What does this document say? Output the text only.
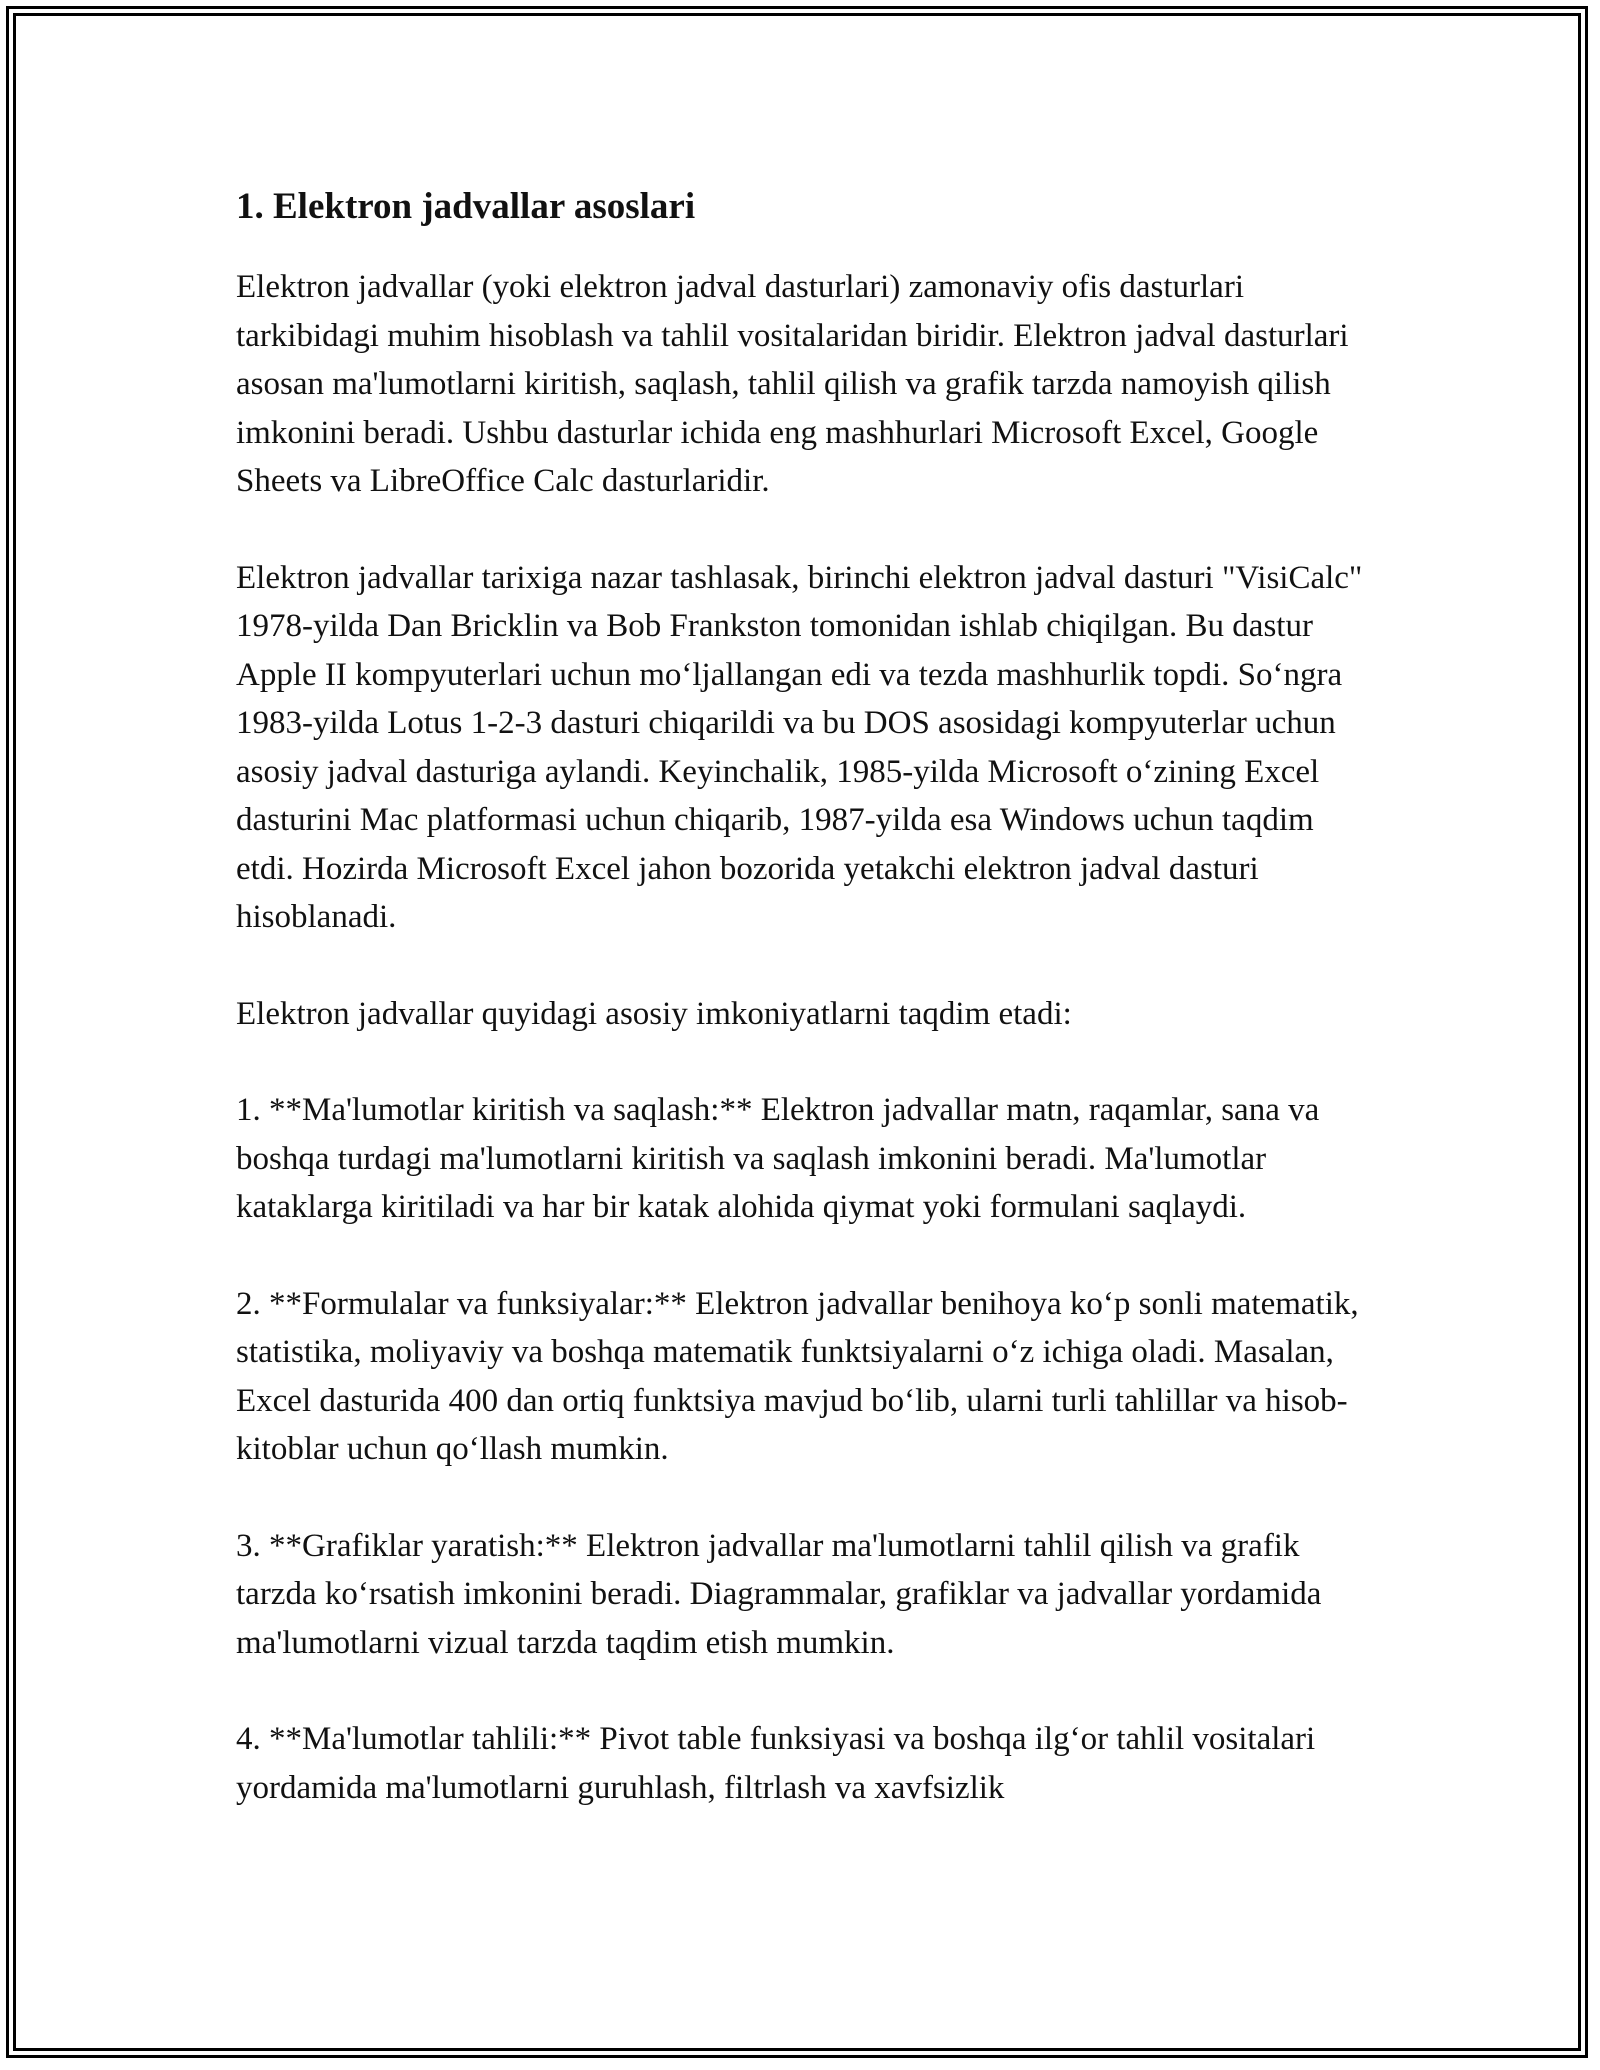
1. Elektron jadvallar asoslari

Elektron jadvallar (yoki elektron jadval dasturlari) zamonaviy ofis dasturlari tarkibidagi muhim hisoblash va tahlil vositalaridan biridir. Elektron jadval dasturlari asosan ma'lumotlarni kiritish, saqlash, tahlil qilish va grafik tarzda namoyish qilish imkonini beradi. Ushbu dasturlar ichida eng mashhurlari Microsoft Excel, Google Sheets va LibreOffice Calc dasturlaridir.

Elektron jadvallar tarixiga nazar tashlasak, birinchi elektron jadval dasturi "VisiCalc" 1978-yilda Dan Bricklin va Bob Frankston tomonidan ishlab chiqilgan. Bu dastur Apple II kompyuterlari uchun mo‘ljallangan edi va tezda mashhurlik topdi. So‘ngra 1983-yilda Lotus 1-2-3 dasturi chiqarildi va bu DOS asosidagi kompyuterlar uchun asosiy jadval dasturiga aylandi. Keyinchalik, 1985-yilda Microsoft o‘zining Excel dasturini Mac platformasi uchun chiqarib, 1987-yilda esa Windows uchun taqdim etdi. Hozirda Microsoft Excel jahon bozorida yetakchi elektron jadval dasturi hisoblanadi.

Elektron jadvallar quyidagi asosiy imkoniyatlarni taqdim etadi:

1. **Ma'lumotlar kiritish va saqlash:** Elektron jadvallar matn, raqamlar, sana va boshqa turdagi ma'lumotlarni kiritish va saqlash imkonini beradi. Ma'lumotlar kataklarga kiritiladi va har bir katak alohida qiymat yoki formulani saqlaydi.

2. **Formulalar va funksiyalar:** Elektron jadvallar benihoya ko‘p sonli matematik, statistika, moliyaviy va boshqa matematik funktsiyalarni o‘z ichiga oladi. Masalan, Excel dasturida 400 dan ortiq funktsiya mavjud bo‘lib, ularni turli tahlillar va hisob-kitoblar uchun qo‘llash mumkin.

3. **Grafiklar yaratish:** Elektron jadvallar ma'lumotlarni tahlil qilish va grafik tarzda ko‘rsatish imkonini beradi. Diagrammalar, grafiklar va jadvallar yordamida ma'lumotlarni vizual tarzda taqdim etish mumkin.

4. **Ma'lumotlar tahlili:** Pivot table funksiyasi va boshqa ilg‘or tahlil vositalari yordamida ma'lumotlarni guruhlash, filtrlash va xavfsizlik
